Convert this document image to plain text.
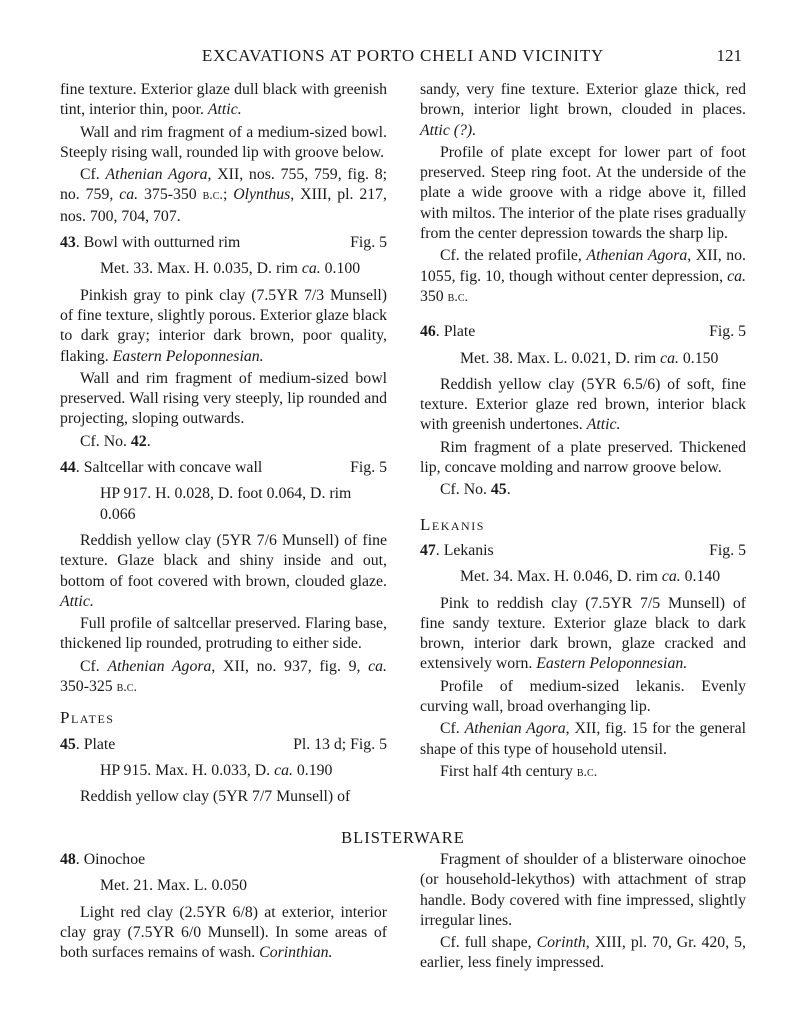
EXCAVATIONS AT PORTO CHELI AND VICINITY	121

fine texture. Exterior glaze dull black with greenish tint, interior thin, poor. Attic.

Wall and rim fragment of a medium-sized bowl. Steeply rising wall, rounded lip with groove below.

Cf. Athenian Agora, XII, nos. 755, 759, fig. 8; no. 759, ca. 375-350 b.c.; Olynthus, XIII, pl. 217, nos. 700, 704, 707.

43. Bowl with outturned rim	Fig. 5

Met. 33. Max. H. 0.035, D. rim ca. 0.100

Pinkish gray to pink clay (7.5YR 7/3 Munsell) of fine texture, slightly porous. Exterior glaze black to dark gray; interior dark brown, poor quality, flaking. Eastern Peloponnesian.

Wall and rim fragment of medium-sized bowl preserved. Wall rising very steeply, lip rounded and projecting, sloping outwards.

Cf. No. 42.

44. Saltcellar with concave wall	Fig. 5

HP 917. H. 0.028, D. foot 0.064, D. rim 0.066

Reddish yellow clay (5YR 7/6 Munsell) of fine texture. Glaze black and shiny inside and out, bottom of foot covered with brown, clouded glaze. Attic.

Full profile of saltcellar preserved. Flaring base, thickened lip rounded, protruding to either side.

Cf. Athenian Agora, XII, no. 937, fig. 9, ca. 350-325 b.c.

Plates
45. Plate	Pl. 13 d; Fig. 5

HP 915. Max. H. 0.033, D. ca. 0.190

Reddish yellow clay (5YR 7/7 Munsell) of

sandy, very fine texture. Exterior glaze thick, red brown, interior light brown, clouded in places. Attic (?).

Profile of plate except for lower part of foot preserved. Steep ring foot. At the underside of the plate a wide groove with a ridge above it, filled with miltos. The interior of the plate rises gradually from the center depression towards the sharp lip.

Cf. the related profile, Athenian Agora, XII, no. 1055, fig. 10, though without center depression, ca. 350 b.c.

46. Plate	Fig. 5

Met. 38. Max. L. 0.021, D. rim ca. 0.150

Reddish yellow clay (5YR 6.5/6) of soft, fine texture. Exterior glaze red brown, interior black with greenish undertones. Attic.

Rim fragment of a plate preserved. Thickened lip, concave molding and narrow groove below.

Cf. No. 45.

Lekanis
47. Lekanis	Fig. 5

Met. 34. Max. H. 0.046, D. rim ca. 0.140

Pink to reddish clay (7.5YR 7/5 Munsell) of fine sandy texture. Exterior glaze black to dark brown, interior dark brown, glaze cracked and extensively worn. Eastern Peloponnesian.

Profile of medium-sized lekanis. Evenly curving wall, broad overhanging lip.

Cf. Athenian Agora, XII, fig. 15 for the general shape of this type of household utensil.

First half 4th century b.c.

BLISTERWARE
48. Oinochoe

Met. 21. Max. L. 0.050

Light red clay (2.5YR 6/8) at exterior, interior clay gray (7.5YR 6/0 Munsell). In some areas of both surfaces remains of wash. Corinthian.

Fragment of shoulder of a blisterware oinochoe (or household-lekythos) with attachment of strap handle. Body covered with fine impressed, slightly irregular lines.

Cf. full shape, Corinth, XIII, pl. 70, Gr. 420, 5, earlier, less finely impressed.
